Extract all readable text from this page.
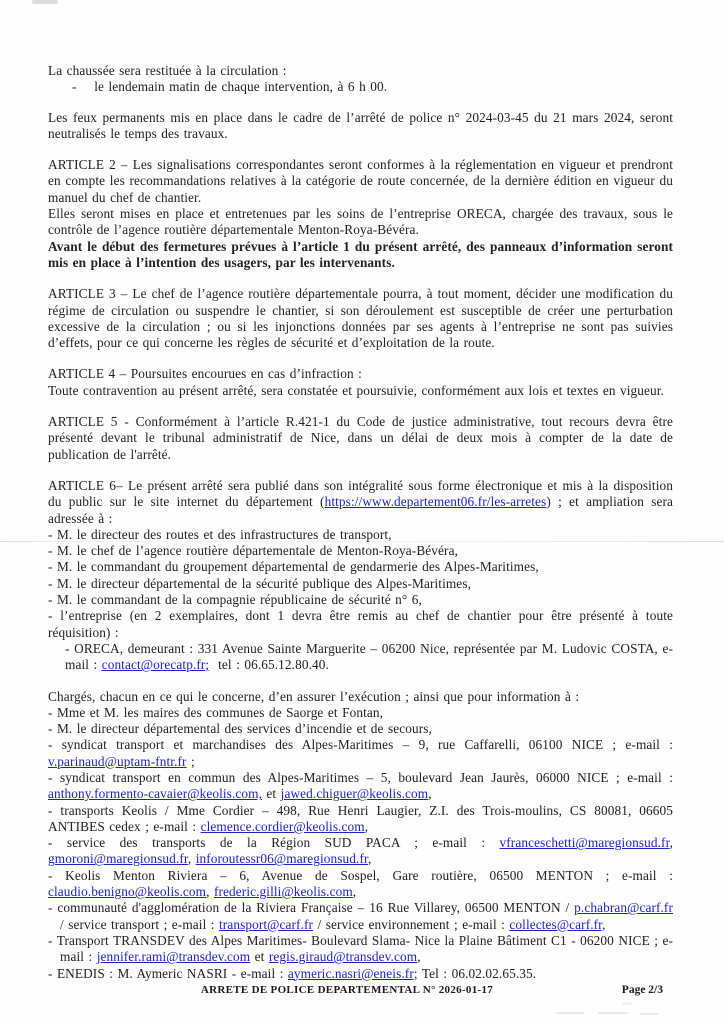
La chaussée sera restituée à la circulation :

-    le lendemain matin de chaque intervention, à 6 h 00.

Les feux permanents mis en place dans le cadre de l’arrêté de police n° 2024-03-45 du 21 mars 2024, seront neutralisés le temps des travaux.

ARTICLE 2 – Les signalisations correspondantes seront conformes à la réglementation en vigueur et prendront en compte les recommandations relatives à la catégorie de route concernée, de la dernière édition en vigueur du manuel du chef de chantier.

Elles seront mises en place et entretenues par les soins de l’entreprise ORECA, chargée des travaux, sous le contrôle de l’agence routière départementale Menton-Roya-Bévéra.

Avant le début des fermetures prévues à l’article 1 du présent arrêté, des panneaux d’information seront mis en place à l’intention des usagers, par les intervenants.

ARTICLE 3 – Le chef de l’agence routière départementale pourra, à tout moment, décider une modification du régime de circulation ou suspendre le chantier, si son déroulement est susceptible de créer une perturbation excessive de la circulation ; ou si les injonctions données par ses agents à l’entreprise ne sont pas suivies d’effets, pour ce qui concerne les règles de sécurité et d’exploitation de la route.

ARTICLE 4 – Poursuites encourues en cas d’infraction :

Toute contravention au présent arrêté, sera constatée et poursuivie, conformément aux lois et textes en vigueur.

ARTICLE 5 - Conformément à l’article R.421-1 du Code de justice administrative, tout recours devra être présenté devant le tribunal administratif de Nice, dans un délai de deux mois à compter de la date de publication de l'arrêté.

ARTICLE 6– Le présent arrêté sera publié dans son intégralité sous forme électronique et mis à la disposition du public sur le site internet du département (https://www.departement06.fr/les-arretes) ; et ampliation sera adressée à :

- M. le directeur des routes et des infrastructures de transport,

- M. le chef de l’agence routière départementale de Menton-Roya-Bévéra,

- M. le commandant du groupement départemental de gendarmerie des Alpes-Maritimes,

- M. le directeur départemental de la sécurité publique des Alpes-Maritimes,

- M. le commandant de la compagnie républicaine de sécurité n° 6,

- l’entreprise (en 2 exemplaires, dont 1 devra être remis au chef de chantier pour être présenté à toute réquisition) :

- ORECA, demeurant : 331 Avenue Sainte Marguerite – 06200 Nice, représentée par M. Ludovic COSTA, e-mail : contact@orecatp.fr;  tel : 06.65.12.80.40.

Chargés, chacun en ce qui le concerne, d’en assurer l’exécution ; ainsi que pour information à :

- Mme et M. les maires des communes de Saorge et Fontan,

- M. le directeur départemental des services d’incendie et de secours,

- syndicat transport et marchandises des Alpes-Maritimes – 9, rue Caffarelli, 06100 NICE ; e-mail : v.parinaud@uptam-fntr.fr ;

- syndicat transport en commun des Alpes-Maritimes – 5, boulevard Jean Jaurès, 06000 NICE ; e-mail : anthony.formento-cavaier@keolis.com, et jawed.chiguer@keolis.com,

- transports Keolis / Mme Cordier – 498, Rue Henri Laugier, Z.I. des Trois-moulins, CS 80081, 06605 ANTIBES cedex ; e-mail : clemence.cordier@keolis.com,

- service des transports de la Région SUD PACA ; e-mail : vfranceschetti@maregionsud.fr, gmoroni@maregionsud.fr, inforoutessr06@maregionsud.fr,

- Keolis Menton Riviera – 6, Avenue de Sospel, Gare routière, 06500 MENTON ; e-mail : claudio.benigno@keolis.com, frederic.gilli@keolis.com,

- communauté d'agglomération de la Riviera Française – 16 Rue Villarey, 06500 MENTON / p.chabran@carf.fr / service transport ; e-mail : transport@carf.fr / service environnement ; e-mail : collectes@carf.fr,

- Transport TRANSDEV des Alpes Maritimes- Boulevard Slama- Nice la Plaine Bâtiment C1 - 06200 NICE ; e-mail : jennifer.rami@transdev.com et regis.giraud@transdev.com,

- ENEDIS : M. Aymeric NASRI - e-mail : aymeric.nasri@eneis.fr; Tel : 06.02.02.65.35.

ARRETE DE POLICE DEPARTEMENTAL N° 2026-01-17	Page 2/3
